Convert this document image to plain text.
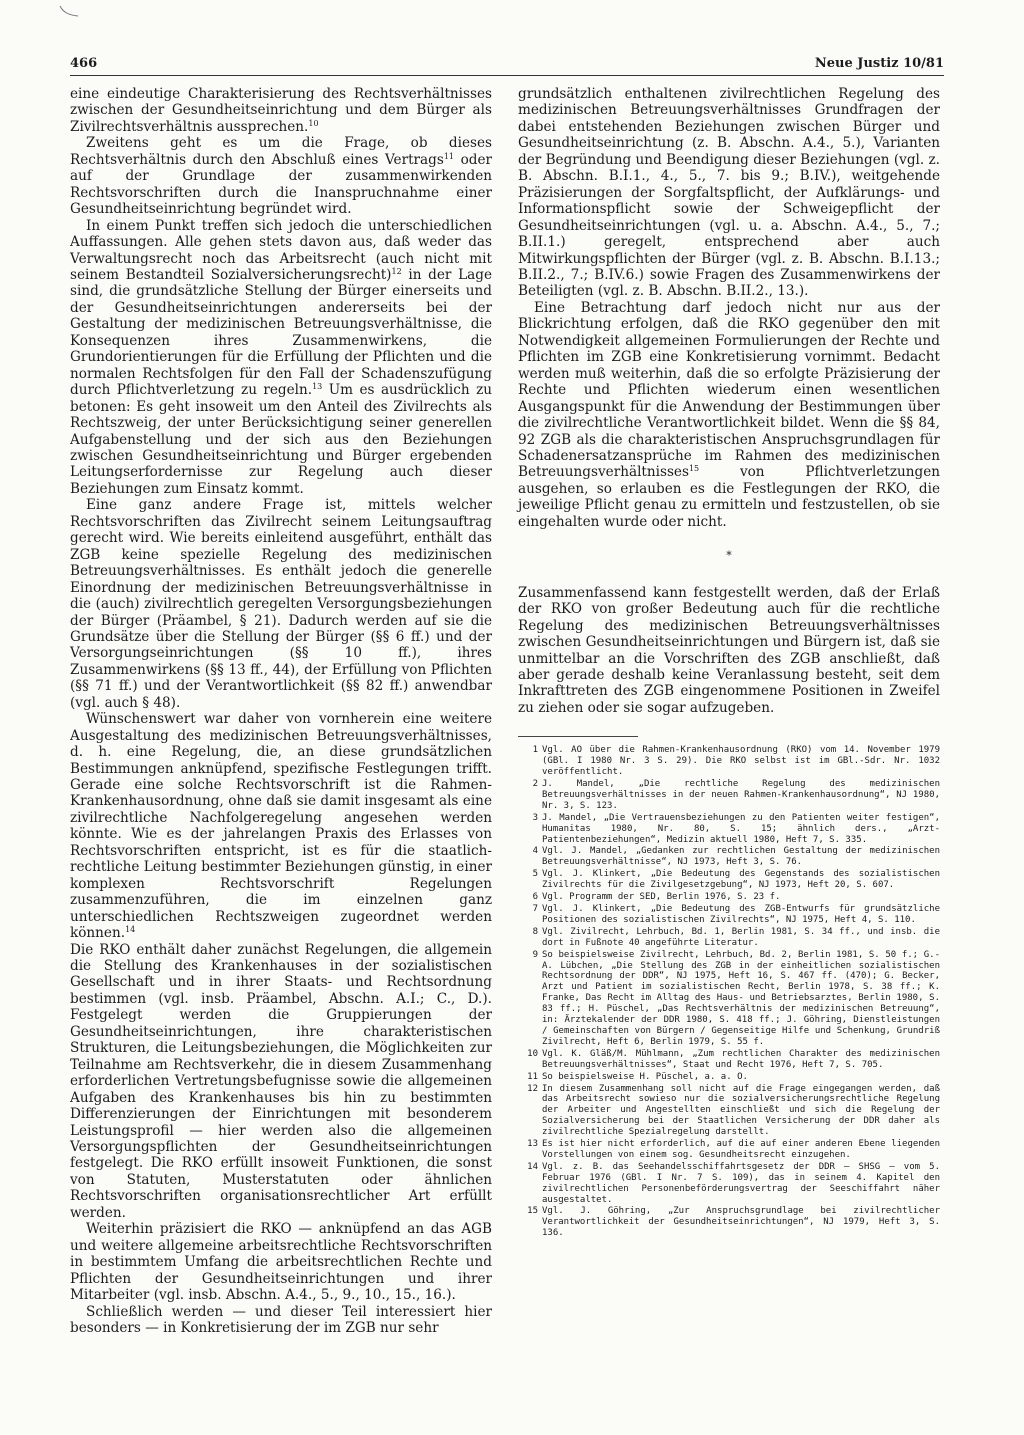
466	Neue Justiz 10/81

eine eindeutige Charakterisierung des Rechtsverhältnisses zwischen der Gesundheitseinrichtung und dem Bürger als Zivilrechtsverhältnis aussprechen.$^{10}$

Zweitens geht es um die Frage, ob dieses Rechtsverhältnis durch den Abschluß eines Vertrags$^{11}$ oder auf der Grundlage der zusammenwirkenden Rechtsvorschriften durch die Inanspruchnahme einer Gesundheitseinrichtung begründet wird.

In einem Punkt treffen sich jedoch die unterschiedlichen Auffassungen. Alle gehen stets davon aus, daß weder das Verwaltungsrecht noch das Arbeitsrecht (auch nicht mit seinem Bestandteil Sozialversicherungsrecht)$^{12}$ in der Lage sind, die grundsätzliche Stellung der Bürger einerseits und der Gesundheitseinrichtungen andererseits bei der Gestaltung der medizinischen Betreuungsverhältnisse, die Konsequenzen ihres Zusammenwirkens, die Grundorientierungen für die Erfüllung der Pflichten und die normalen Rechtsfolgen für den Fall der Schadenszufügung durch Pflichtverletzung zu regeln.$^{13}$ Um es ausdrücklich zu betonen: Es geht insoweit um den Anteil des Zivilrechts als Rechtszweig, der unter Berücksichtigung seiner generellen Aufgabenstellung und der sich aus den Beziehungen zwischen Gesundheitseinrichtung und Bürger ergebenden Leitungserfordernisse zur Regelung auch dieser Beziehungen zum Einsatz kommt.

Eine ganz andere Frage ist, mittels welcher Rechtsvorschriften das Zivilrecht seinem Leitungsauftrag gerecht wird. Wie bereits einleitend ausgeführt, enthält das ZGB keine spezielle Regelung des medizinischen Betreuungsverhältnisses. Es enthält jedoch die generelle Einordnung der medizinischen Betreuungsverhältnisse in die (auch) zivilrechtlich geregelten Versorgungsbeziehungen der Bürger (Präambel, § 21). Dadurch werden auf sie die Grundsätze über die Stellung der Bürger (§§ 6 ff.) und der Versorgungseinrichtungen (§§ 10 ff.), ihres Zusammenwirkens (§§ 13 ff., 44), der Erfüllung von Pflichten (§§ 71 ff.) und der Verantwortlichkeit (§§ 82 ff.) anwendbar (vgl. auch § 48).

Wünschenswert war daher von vornherein eine weitere Ausgestaltung des medizinischen Betreuungsverhältnisses, d. h. eine Regelung, die, an diese grundsätzlichen Bestimmungen anknüpfend, spezifische Festlegungen trifft. Gerade eine solche Rechtsvorschrift ist die Rahmen-Krankenhausordnung, ohne daß sie damit insgesamt als eine zivilrechtliche Nachfolgeregelung angesehen werden könnte. Wie es der jahrelangen Praxis des Erlasses von Rechtsvorschriften entspricht, ist es für die staatlich-rechtliche Leitung bestimmter Beziehungen günstig, in einer komplexen Rechtsvorschrift Regelungen zusammenzuführen, die im einzelnen ganz unterschiedlichen Rechtszweigen zugeordnet werden können.$^{14}$

Die RKO enthält daher zunächst Regelungen, die allgemein die Stellung des Krankenhauses in der sozialistischen Gesellschaft und in ihrer Staats- und Rechtsordnung bestimmen (vgl. insb. Präambel, Abschn. A.I.; C., D.). Festgelegt werden die Gruppierungen der Gesundheitseinrichtungen, ihre charakteristischen Strukturen, die Leitungsbeziehungen, die Möglichkeiten zur Teilnahme am Rechtsverkehr, die in diesem Zusammenhang erforderlichen Vertretungsbefugnisse sowie die allgemeinen Aufgaben des Krankenhauses bis hin zu bestimmten Differenzierungen der Einrichtungen mit besonderem Leistungsprofil — hier werden also die allgemeinen Versorgungspflichten der Gesundheitseinrichtungen festgelegt. Die RKO erfüllt insoweit Funktionen, die sonst von Statuten, Musterstatuten oder ähnlichen Rechtsvorschriften organisationsrechtlicher Art erfüllt werden.

Weiterhin präzisiert die RKO — anknüpfend an das AGB und weitere allgemeine arbeitsrechtliche Rechtsvorschriften in bestimmtem Umfang die arbeitsrechtlichen Rechte und Pflichten der Gesundheitseinrichtungen und ihrer Mitarbeiter (vgl. insb. Abschn. A.4., 5., 9., 10., 15., 16.).

Schließlich werden — und dieser Teil interessiert hier besonders — in Konkretisierung der im ZGB nur sehr

grundsätzlich enthaltenen zivilrechtlichen Regelung des medizinischen Betreuungsverhältnisses Grundfragen der dabei entstehenden Beziehungen zwischen Bürger und Gesundheitseinrichtung (z. B. Abschn. A.4., 5.), Varianten der Begründung und Beendigung dieser Beziehungen (vgl. z. B. Abschn. B.I.1., 4., 5., 7. bis 9.; B.IV.), weitgehende Präzisierungen der Sorgfaltspflicht, der Aufklärungs- und Informationspflicht sowie der Schweigepflicht der Gesundheitseinrichtungen (vgl. u. a. Abschn. A.4., 5., 7.; B.II.1.) geregelt, entsprechend aber auch Mitwirkungspflichten der Bürger (vgl. z. B. Abschn. B.I.13.; B.II.2., 7.; B.IV.6.) sowie Fragen des Zusammenwirkens der Beteiligten (vgl. z. B. Abschn. B.II.2., 13.).

Eine Betrachtung darf jedoch nicht nur aus der Blickrichtung erfolgen, daß die RKO gegenüber den mit Notwendigkeit allgemeinen Formulierungen der Rechte und Pflichten im ZGB eine Konkretisierung vornimmt. Bedacht werden muß weiterhin, daß die so erfolgte Präzisierung der Rechte und Pflichten wiederum einen wesentlichen Ausgangspunkt für die Anwendung der Bestimmungen über die zivilrechtliche Verantwortlichkeit bildet. Wenn die §§ 84, 92 ZGB als die charakteristischen Anspruchsgrundlagen für Schadenersatzansprüche im Rahmen des medizinischen Betreuungsverhältnisses$^{15}$ von Pflichtverletzungen ausgehen, so erlauben es die Festlegungen der RKO, die jeweilige Pflicht genau zu ermitteln und festzustellen, ob sie eingehalten wurde oder nicht.

*

Zusammenfassend kann festgestellt werden, daß der Erlaß der RKO von großer Bedeutung auch für die rechtliche Regelung des medizinischen Betreuungsverhältnisses zwischen Gesundheitseinrichtungen und Bürgern ist, daß sie unmittelbar an die Vorschriften des ZGB anschließt, daß aber gerade deshalb keine Veranlassung besteht, seit dem Inkrafttreten des ZGB eingenommene Positionen in Zweifel zu ziehen oder sie sogar aufzugeben.

1 Vgl. AO über die Rahmen-Krankenhausordnung (RKO) vom 14. November 1979 (GBl. I 1980 Nr. 3 S. 29). Die RKO selbst ist im GBl.-Sdr. Nr. 1032 veröffentlicht.
2 J. Mandel, „Die rechtliche Regelung des medizinischen Betreuungsverhältnisses in der neuen Rahmen-Krankenhausordnung“, NJ 1980, Nr. 3, S. 123.
3 J. Mandel, „Die Vertrauensbeziehungen zu den Patienten weiter festigen“, Humanitas 1980, Nr. 80, S. 15; ähnlich ders., „Arzt-Patientenbeziehungen“, Medizin aktuell 1980, Heft 7, S. 335.
4 Vgl. J. Mandel, „Gedanken zur rechtlichen Gestaltung der medizinischen Betreuungsverhältnisse“, NJ 1973, Heft 3, S. 76.
5 Vgl. J. Klinkert, „Die Bedeutung des Gegenstands des sozialistischen Zivilrechts für die Zivilgesetzgebung“, NJ 1973, Heft 20, S. 607.
6 Vgl. Programm der SED, Berlin 1976, S. 23 f.
7 Vgl. J. Klinkert, „Die Bedeutung des ZGB-Entwurfs für grundsätzliche Positionen des sozialistischen Zivilrechts“, NJ 1975, Heft 4, S. 110.
8 Vgl. Zivilrecht, Lehrbuch, Bd. 1, Berlin 1981, S. 34 ff., und insb. die dort in Fußnote 40 angeführte Literatur.
9 So beispielsweise Zivilrecht, Lehrbuch, Bd. 2, Berlin 1981, S. 50 f.; G.-A. Lübchen, „Die Stellung des ZGB in der einheitlichen sozialistischen Rechtsordnung der DDR“, NJ 1975, Heft 16, S. 467 ff. (470); G. Becker, Arzt und Patient im sozialistischen Recht, Berlin 1978, S. 38 ff.; K. Franke, Das Recht im Alltag des Haus- und Betriebsarztes, Berlin 1980, S. 83 ff.; H. Püschel, „Das Rechtsverhältnis der medizinischen Betreuung“, in: Ärztekalender der DDR 1980, S. 418 ff.; J. Göhring, Dienstleistungen / Gemeinschaften von Bürgern / Gegenseitige Hilfe und Schenkung, Grundriß Zivilrecht, Heft 6, Berlin 1979, S. 55 f.
10 Vgl. K. Gläß/M. Mühlmann, „Zum rechtlichen Charakter des medizinischen Betreuungsverhältnisses“, Staat und Recht 1976, Heft 7, S. 705.
11 So beispielsweise H. Püschel, a. a. O.
12 In diesem Zusammenhang soll nicht auf die Frage eingegangen werden, daß das Arbeitsrecht sowieso nur die sozialversicherungsrechtliche Regelung der Arbeiter und Angestellten einschließt und sich die Regelung der Sozialversicherung bei der Staatlichen Versicherung der DDR daher als zivilrechtliche Spezialregelung darstellt.
13 Es ist hier nicht erforderlich, auf die auf einer anderen Ebene liegenden Vorstellungen von einem sog. Gesundheitsrecht einzugehen.
14 Vgl. z. B. das Seehandelsschiffahrtsgesetz der DDR — SHSG — vom 5. Februar 1976 (GBl. I Nr. 7 S. 109), das in seinem 4. Kapitel den zivilrechtlichen Personenbeförderungsvertrag der Seeschiffahrt näher ausgestaltet.
15 Vgl. J. Göhring, „Zur Anspruchsgrundlage bei zivilrechtlicher Verantwortlichkeit der Gesundheitseinrichtungen“, NJ 1979, Heft 3, S. 136.
